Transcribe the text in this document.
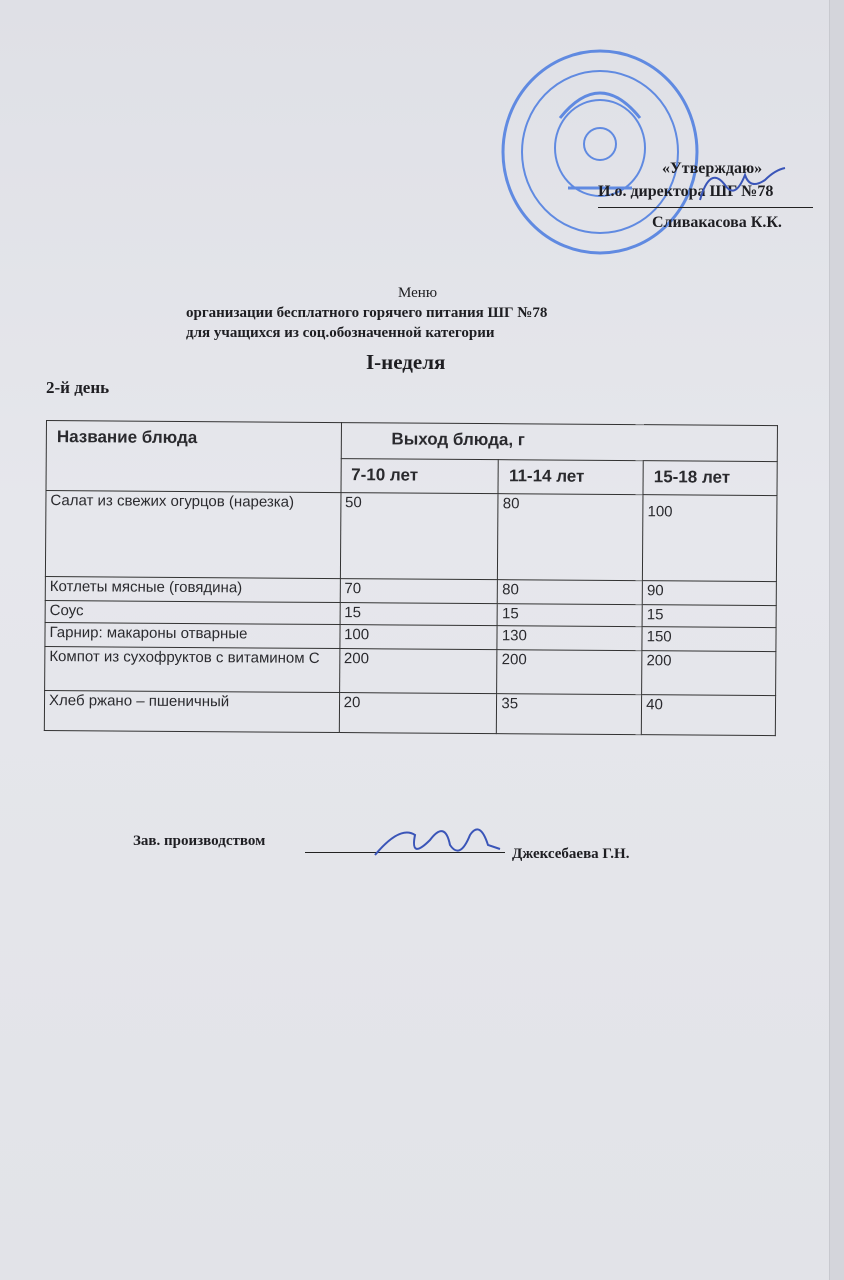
«Утверждаю»
И.о. директора ШГ №78
Сливакасова К.К.
Меню
организации бесплатного горячего питания ШГ №78
для учащихся из соц.обозначенной категории
I-неделя
2-й день
Название блюда	Выход блюда, г		
	7-10 лет	11-14 лет	15-18 лет
Салат из свежих огурцов (нарезка)	50	80	100
Котлеты мясные (говядина)	70	80	90
Соус	15	15	15
Гарнир: макароны отварные	100	130	150
Компот из сухофруктов с витамином С	200	200	200
Хлеб ржано – пшеничный	20	35	40
Зав. производством
Джексебаева Г.Н.
